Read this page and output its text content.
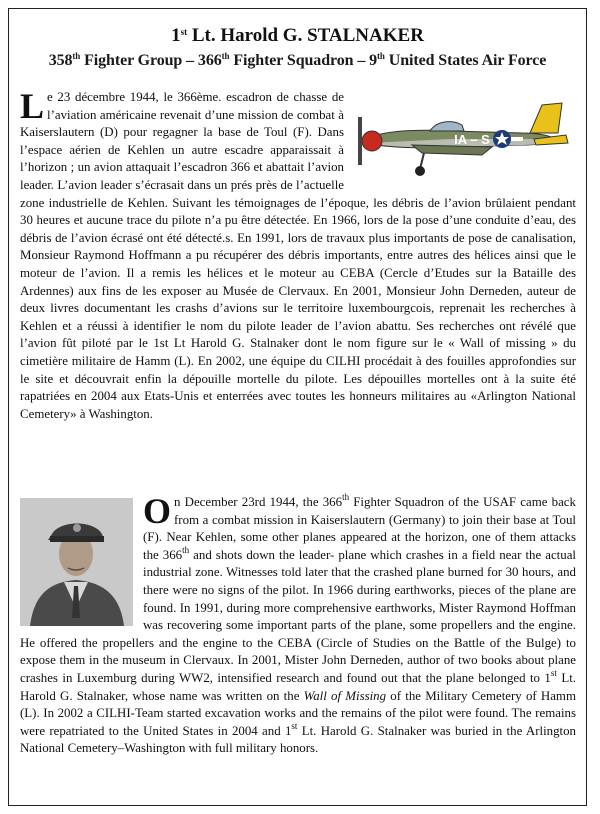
1st Lt. Harold G. STALNAKER
358th Fighter Group – 366th Fighter Squadron – 9th United States Air Force
L
IA – S
e 23 décembre 1944, le 366ème. escadron de chasse de l’aviation américaine revenait d’une mission de combat à Kaiserslautern (D) pour regagner la base de Toul (F). Dans l’espace aérien de Kehlen un autre escadre apparaissait à l’horizon ; un avion attaquait l’escadron 366 et abattait l’avion leader. L’avion leader s’écrasait dans un prés près de l’actuelle zone industrielle de Kehlen. Suivant les témoignages de l’époque, les débris de l’avion brûlaient pendant 30 heures et aucune trace du pilote n’a pu être détectée. En 1966, lors de la pose d’une conduite d’eau, des débris de l’avion écrasé ont été détecté.s. En 1991, lors de travaux plus importants de pose de canalisation, Monsieur Raymond Hoffmann a pu récupérer des débris importants, entre autres des hélices ainsi que le moteur de l’avion. Il a remis les hélices et le moteur au CEBA (Cercle d’Etudes sur la Bataille des Ardennes) aux fins de les exposer au Musée de Clervaux. En 2001, Monsieur John Derneden, auteur de deux livres documentant les crashs d’avions sur le territoire luxembourgcois, reprenait les recherches à Kehlen et a réussi à identifier le nom du pilote leader de l’avion abattu. Ses recherches ont révélé que l’avion fût piloté par le 1st Lt Harold G. Stalnaker dont le nom figure sur le « Wall of missing » du cimetière militaire de Hamm (L). En 2002, une équipe du CILHI procédait à des fouilles approfondies sur le site et découvrait enfin la dépouille mortelle du pilote. Les dépouilles mortelles ont à la suite été rapatriées en 2004 aux Etats-Unis et enterrées avec toutes les honneurs militaires au «Arlington National Cemetery» à Washington.
On December 23rd 1944, the 366th Fighter Squadron of the USAF came back from a combat mission in Kaiserslautern (Germany) to join their base at Toul (F). Near Kehlen, some other planes appeared at the horizon, one of them attacks the 366th and shots down the leader- plane which crashes in a field near the actual industrial zone. Witnesses told later that the crashed plane burned for 30 hours, and there were no signs of the pilot. In 1966 during earthworks, pieces of the plane are found. In 1991, during more comprehensive earthworks, Mister Raymond Hoffman was recovering some important parts of the plane, some propellers and the engine. He offered the propellers and the engine to the CEBA (Circle of Studies on the Battle of the Bulge) to expose them in the museum in Clervaux. In 2001, Mister John Derneden, author of two books about plane crashes in Luxemburg during WW2, intensified research and found out that the plane belonged to 1st Lt. Harold G. Stalnaker, whose name was written on the Wall of Missing of the Military Cemetery of Hamm (L). In 2002 a CILHI-Team started excavation works and the remains of the pilot were found. The remains were repatriated to the United States in 2004 and 1st Lt. Harold G. Stalnaker was buried in the Arlington National Cemetery–Washington with full military honors.
